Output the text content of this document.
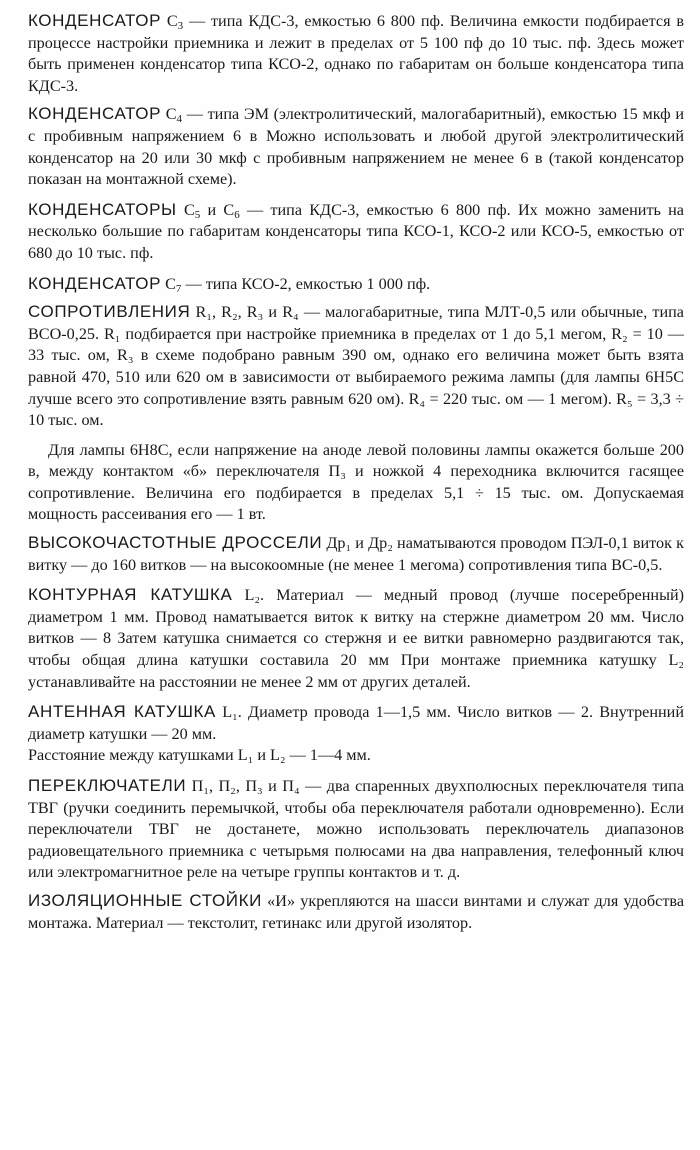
КОНДЕНСАТОР $C_3$ — типа КДС-3, емкостью 6 800 пф. Величина емкости подбирается в процессе настройки приемника и лежит в пределах от 5 100 пф до 10 тыс. пф. Здесь может быть применен конденсатор типа КСО-2, однако по габаритам он больше конденсатора типа КДС-3.

КОНДЕНСАТОР $C_4$ — типа ЭМ (электролитический, малогабаритный), емкостью 15 мкф и с пробивным напряжением 6 в Можно использовать и любой другой электролитический конденсатор на 20 или 30 мкф с пробивным напряжением не менее 6 в (такой конденсатор показан на монтажной схеме).

КОНДЕНСАТОРЫ $C_5$ и $C_6$ — типа КДС-3, емкостью 6 800 пф. Их можно заменить на несколько большие по габаритам конденсаторы типа КСО-1, КСО-2 или КСО-5, емкостью от 680 до 10 тыс. пф.

КОНДЕНСАТОР $C_7$ — типа КСО-2, емкостью 1 000 пф.

СОПРОТИВЛЕНИЯ R₁, R₂, R₃ и R₄ — малогабаритные, типа МЛТ-0,5 или обычные, типа ВСО-0,25. R₁ подбирается при настройке приемника в пределах от 1 до 5,1 мегом, R₂ = 10 — 33 тыс. ом, R₃ в схеме подобрано равным 390 ом, однако его величина может быть взята равной 470, 510 или 620 ом в зависимости от выбираемого режима лампы (для лампы 6Н5С лучше всего это сопротивление взять равным 620 ом). R₄ = 220 тыс. ом — 1 мегом). R₅ = 3,3 ÷ 10 тыс. ом.

Для лампы 6Н8С, если напряжение на аноде левой половины лампы окажется больше 200 в, между контактом «б» переключателя П₃ и ножкой 4 переходника включится гасящее сопротивление. Величина его подбирается в пределах 5,1 ÷ 15 тыс. ом. Допускаемая мощность рассеивания его — 1 вт.

ВЫСОКОЧАСТОТНЫЕ ДРОССЕЛИ Др₁ и Др₂ наматываются проводом ПЭЛ-0,1 виток к витку — до 160 витков — на высокоомные (не менее 1 мегома) сопротивления типа ВС-0,5.

КОНТУРНАЯ КАТУШКА L₂. Материал — медный провод (лучше посеребренный) диаметром 1 мм. Провод наматывается виток к витку на стержне диаметром 20 мм. Число витков — 8 Затем катушка снимается со стержня и ее витки равномерно раздвигаются так, чтобы общая длина катушки составила 20 мм При монтаже приемника катушку L₂ устанавливайте на расстоянии не менее 2 мм от других деталей.

АНТЕННАЯ КАТУШКА L₁. Диаметр провода 1—1,5 мм. Число витков — 2. Внутренний диаметр катушки — 20 мм.

Расстояние между катушками L₁ и L₂ — 1—4 мм.

ПЕРЕКЛЮЧАТЕЛИ П₁, П₂, П₃ и П₄ — два спаренных двухполюсных переключателя типа ТВГ (ручки соединить перемычкой, чтобы оба переключателя работали одновременно). Если переключатели ТВГ не достанете, можно использовать переключатель диапазонов радиовещательного приемника с четырьмя полюсами на два направления, телефонный ключ или электромагнитное реле на четыре группы контактов и т. д.

ИЗОЛЯЦИОННЫЕ СТОЙКИ «И» укрепляются на шасси винтами и служат для удобства монтажа. Материал — текстолит, гетинакс или другой изолятор.
